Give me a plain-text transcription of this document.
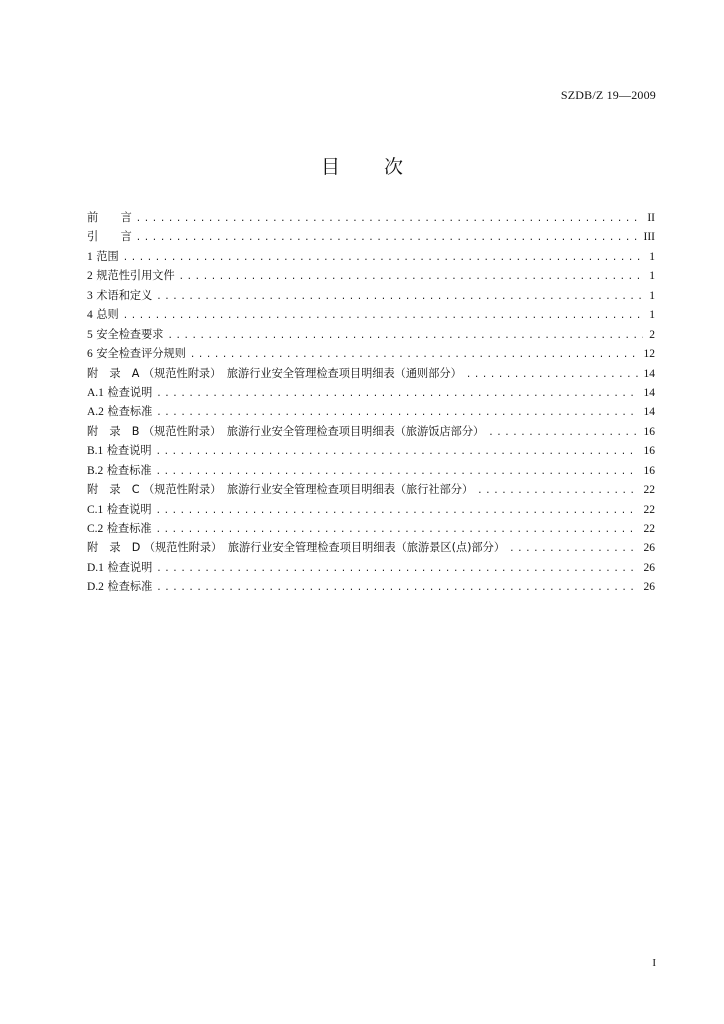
SZDB/Z 19—2009
目 次
前　　言 .....	II
引　　言 .....	III
1 范围 .....	1
2 规范性引用文件 .....	1
3 术语和定义 .....	1
4 总则 .....	1
5 安全检查要求 .....	2
6 安全检查评分规则 .....	12
附　录　A （规范性附录）　旅游行业安全管理检查项目明细表（通则部分） .....	14
A.1 检查说明 .....	14
A.2 检查标准 .....	14
附　录　B （规范性附录）　旅游行业安全管理检查项目明细表（旅游饭店部分） .....	16
B.1 检查说明 .....	16
B.2 检查标准 .....	16
附　录　C （规范性附录）　旅游行业安全管理检查项目明细表（旅行社部分） .....	22
C.1 检查说明 .....	22
C.2 检查标准 .....	22
附　录　D （规范性附录）　旅游行业安全管理检查项目明细表（旅游景区(点)部分） .....	26
D.1 检查说明 .....	26
D.2 检查标准 .....	26
I
